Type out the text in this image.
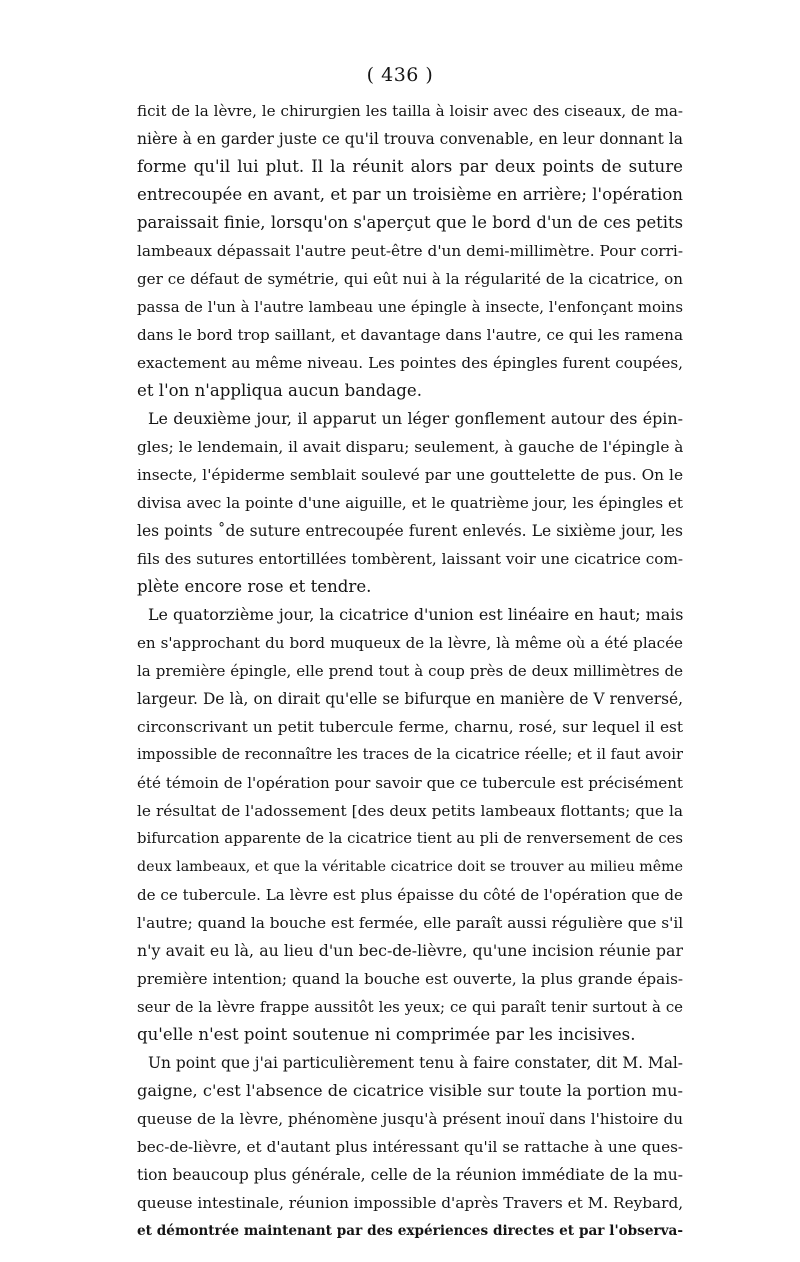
( 436 )
ficit de la lèvre, le chirurgien les tailla à loisir avec des ciseaux, de ma-
nière à en garder juste ce qu'il trouva convenable, en leur donnant la
forme qu'il lui plut. Il la réunit alors par deux points de suture
entrecoupée en avant, et par un troisième en arrière; l'opération
paraissait finie, lorsqu'on s'aperçut que le bord d'un de ces petits
lambeaux dépassait l'autre peut-être d'un demi-millimètre. Pour corri-
ger ce défaut de symétrie, qui eût nui à la régularité de la cicatrice, on
passa de l'un à l'autre lambeau une épingle à insecte, l'enfonçant moins
dans le bord trop saillant, et davantage dans l'autre, ce qui les ramena
exactement au même niveau. Les pointes des épingles furent coupées,
et l'on n'appliqua aucun bandage.
Le deuxième jour, il apparut un léger gonflement autour des épin-
gles; le lendemain, il avait disparu; seulement, à gauche de l'épingle à
insecte, l'épiderme semblait soulevé par une gouttelette de pus. On le
divisa avec la pointe d'une aiguille, et le quatrième jour, les épingles et
les points ˚de suture entrecoupée furent enlevés. Le sixième jour, les
fils des sutures entortillées tombèrent, laissant voir une cicatrice com-
plète encore rose et tendre.
Le quatorzième jour, la cicatrice d'union est linéaire en haut; mais
en s'approchant du bord muqueux de la lèvre, là même où a été placée
la première épingle, elle prend tout à coup près de deux millimètres de
largeur. De là, on dirait qu'elle se bifurque en manière de V renversé,
circonscrivant un petit tubercule ferme, charnu, rosé, sur lequel il est
impossible de reconnaître les traces de la cicatrice réelle; et il faut avoir
été témoin de l'opération pour savoir que ce tubercule est précisément
le résultat de l'adossement [des deux petits lambeaux flottants; que la
bifurcation apparente de la cicatrice tient au pli de renversement de ces
deux lambeaux, et que la véritable cicatrice doit se trouver au milieu même
de ce tubercule. La lèvre est plus épaisse du côté de l'opération que de
l'autre; quand la bouche est fermée, elle paraît aussi régulière que s'il
n'y avait eu là, au lieu d'un bec-de-lièvre, qu'une incision réunie par
première intention; quand la bouche est ouverte, la plus grande épais-
seur de la lèvre frappe aussitôt les yeux; ce qui paraît tenir surtout à ce
qu'elle n'est point soutenue ni comprimée par les incisives.
Un point que j'ai particulièrement tenu à faire constater, dit M. Mal-
gaigne, c'est l'absence de cicatrice visible sur toute la portion mu-
queuse de la lèvre, phénomène jusqu'à présent inouï dans l'histoire du
bec-de-lièvre, et d'autant plus intéressant qu'il se rattache à une ques-
tion beaucoup plus générale, celle de la réunion immédiate de la mu-
queuse intestinale, réunion impossible d'après Travers et M. Reybard,
et démontrée maintenant par des expériences directes et par l'observa-
